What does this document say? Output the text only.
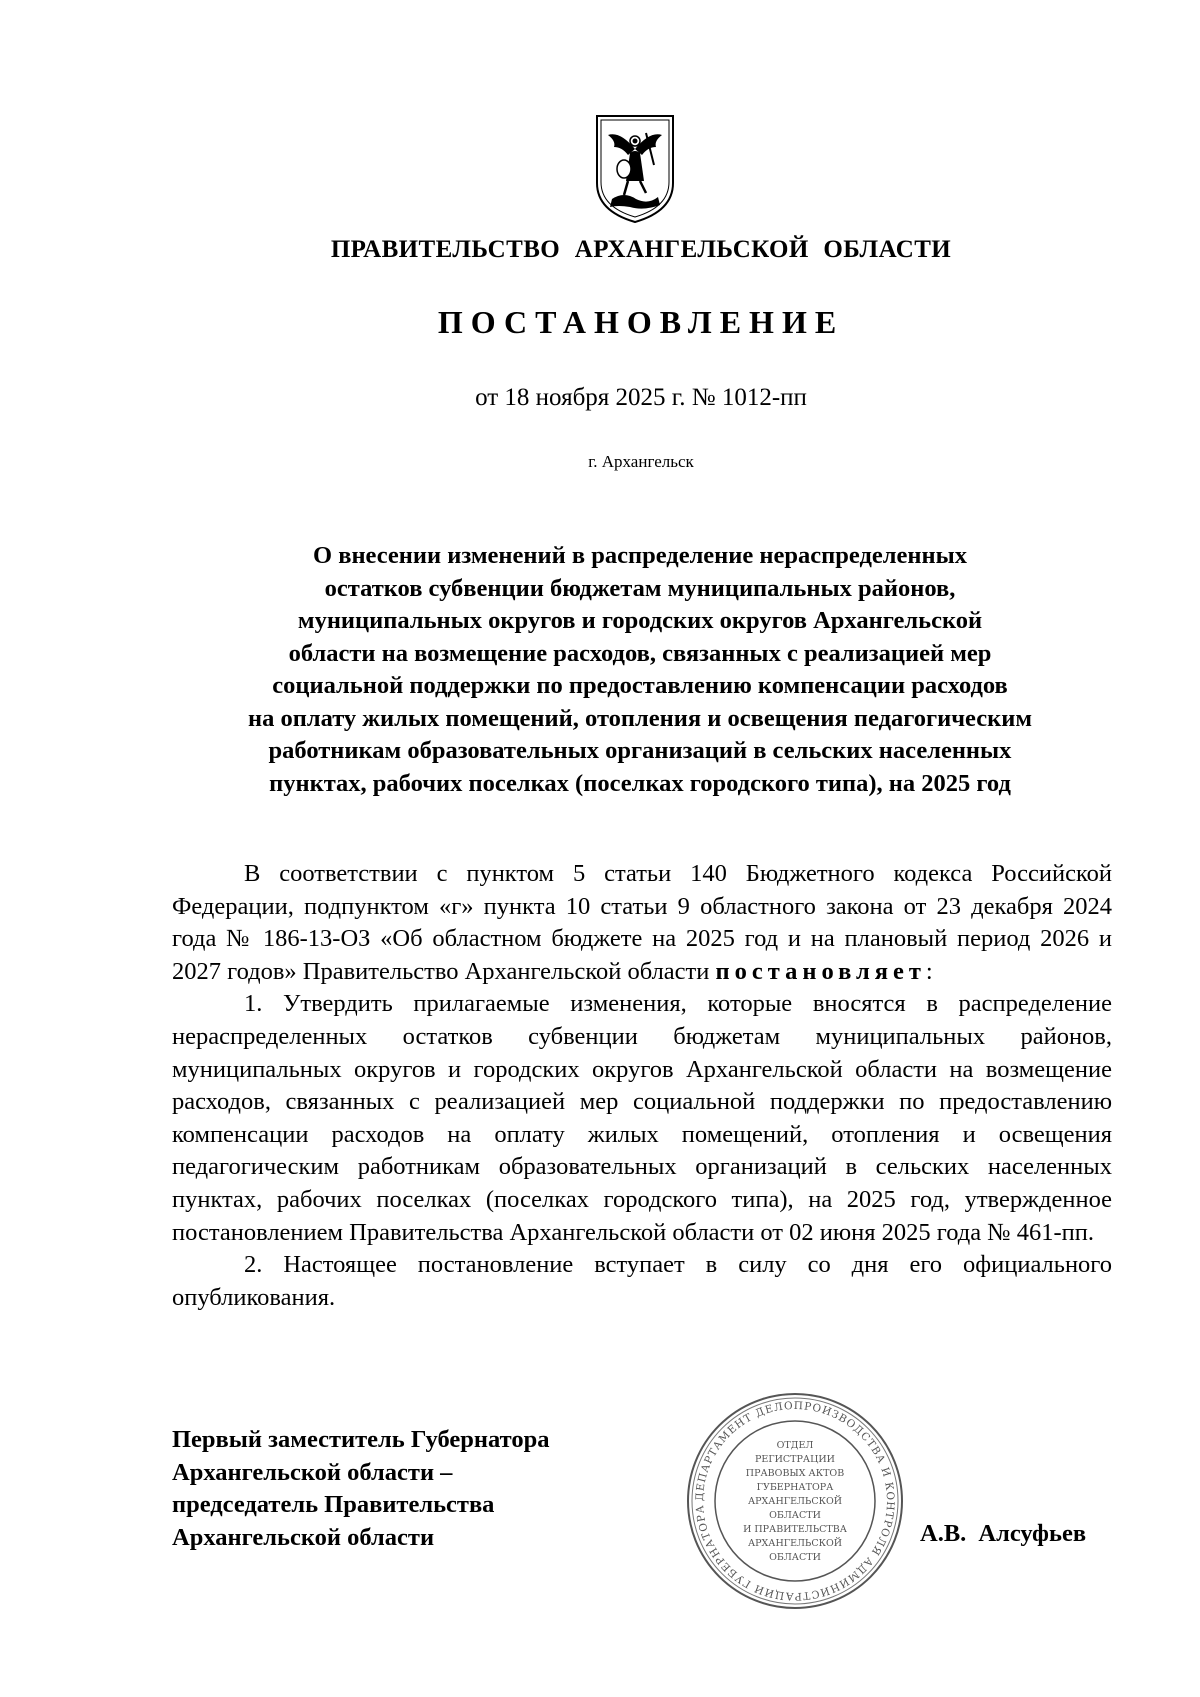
ПРАВИТЕЛЬСТВО АРХАНГЕЛЬСКОЙ ОБЛАСТИ
ПОСТАНОВЛЕНИЕ
от 18 ноября 2025 г. № 1012-пп
г. Архангельск
О внесении изменений в распределение нераспределенных
остатков субвенции бюджетам муниципальных районов,
муниципальных округов и городских округов Архангельской
области на возмещение расходов, связанных с реализацией мер
социальной поддержки по предоставлению компенсации расходов
на оплату жилых помещений, отопления и освещения педагогическим
работникам образовательных организаций в сельских населенных
пунктах, рабочих поселках (поселках городского типа), на 2025 год

В соответствии с пунктом 5 статьи 140 Бюджетного кодекса Российской Федерации, подпунктом «г» пункта 10 статьи 9 областного закона от 23 декабря 2024 года № 186-13-ОЗ «Об областном бюджете на 2025 год и на плановый период 2026 и 2027 годов» Правительство Архангельской области постановляет:

1. Утвердить прилагаемые изменения, которые вносятся в распределение нераспределенных остатков субвенции бюджетам муниципальных районов, муниципальных округов и городских округов Архангельской области на возмещение расходов, связанных с реализацией мер социальной поддержки по предоставлению компенсации расходов на оплату жилых помещений, отопления и освещения педагогическим работникам образовательных организаций в сельских населенных пунктах, рабочих поселках (поселках городского типа), на 2025 год, утвержденное постановлением Правительства Архангельской области от 02 июня 2025 года № 461-пп.

2. Настоящее постановление вступает в силу со дня его официального опубликования.

Первый заместитель Губернатора
Архангельской области –
председатель Правительства
Архангельской области
ДЕПАРТАМЕНТ ДЕЛОПРОИЗВОДСТВА И КОНТРОЛЯ АДМИНИСТРАЦИИ ГУБЕРНАТОРА
ОТДЕЛ
РЕГИСТРАЦИИ
ПРАВОВЫХ АКТОВ
ГУБЕРНАТОРА
АРХАНГЕЛЬСКОЙ
ОБЛАСТИ
И ПРАВИТЕЛЬСТВА
АРХАНГЕЛЬСКОЙ
ОБЛАСТИ
А.В. Алсуфьев
